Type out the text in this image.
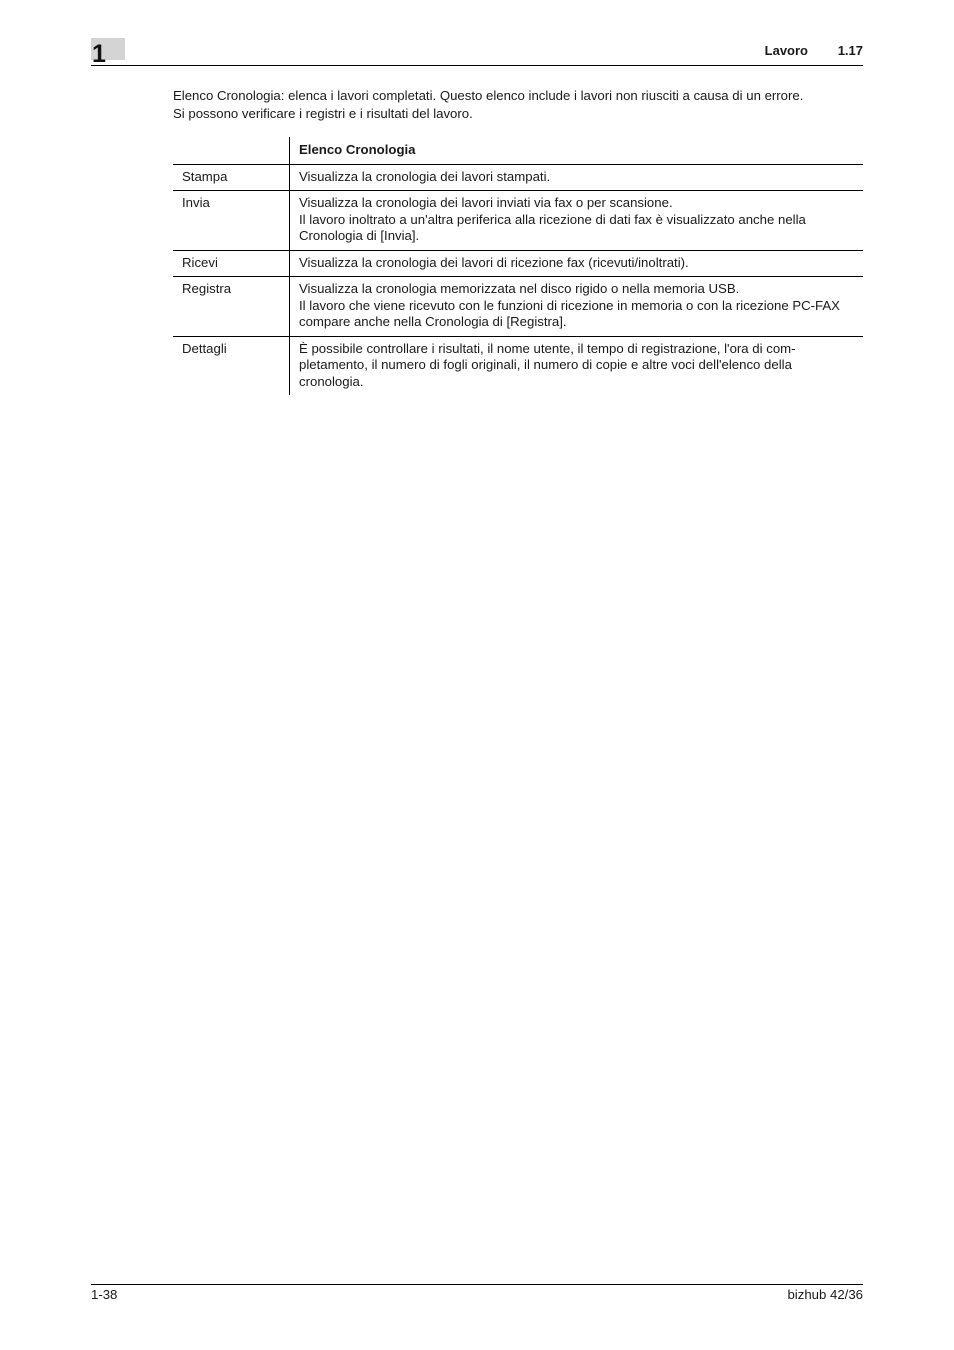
1	Lavoro 1.17

Elenco Cronologia: elenca i lavori completati. Questo elenco include i lavori non riusciti a causa di un errore.

Si possono verificare i registri e i risultati del lavoro.

	Elenco Cronologia
Stampa	Visualizza la cronologia dei lavori stampati.

Invia	Visualizza la cronologia dei lavori inviati via fax o per scansione.

Il lavoro inoltrato a un'altra periferica alla ricezione di dati fax è visualizzato anche nella Cronologia di [Invia].

Ricevi	Visualizza la cronologia dei lavori di ricezione fax (ricevuti/inoltrati).

Registra	Visualizza la cronologia memorizzata nel disco rigido o nella memoria USB.

Il lavoro che viene ricevuto con le funzioni di ricezione in memoria o con la ricezione PC-FAX compare anche nella Cronologia di [Registra].

Dettagli	È possibile controllare i risultati, il nome utente, il tempo di registrazione, l'ora di com-pletamento, il numero di fogli originali, il numero di copie e altre voci dell'elenco della cronologia.

1-38	bizhub 42/36
